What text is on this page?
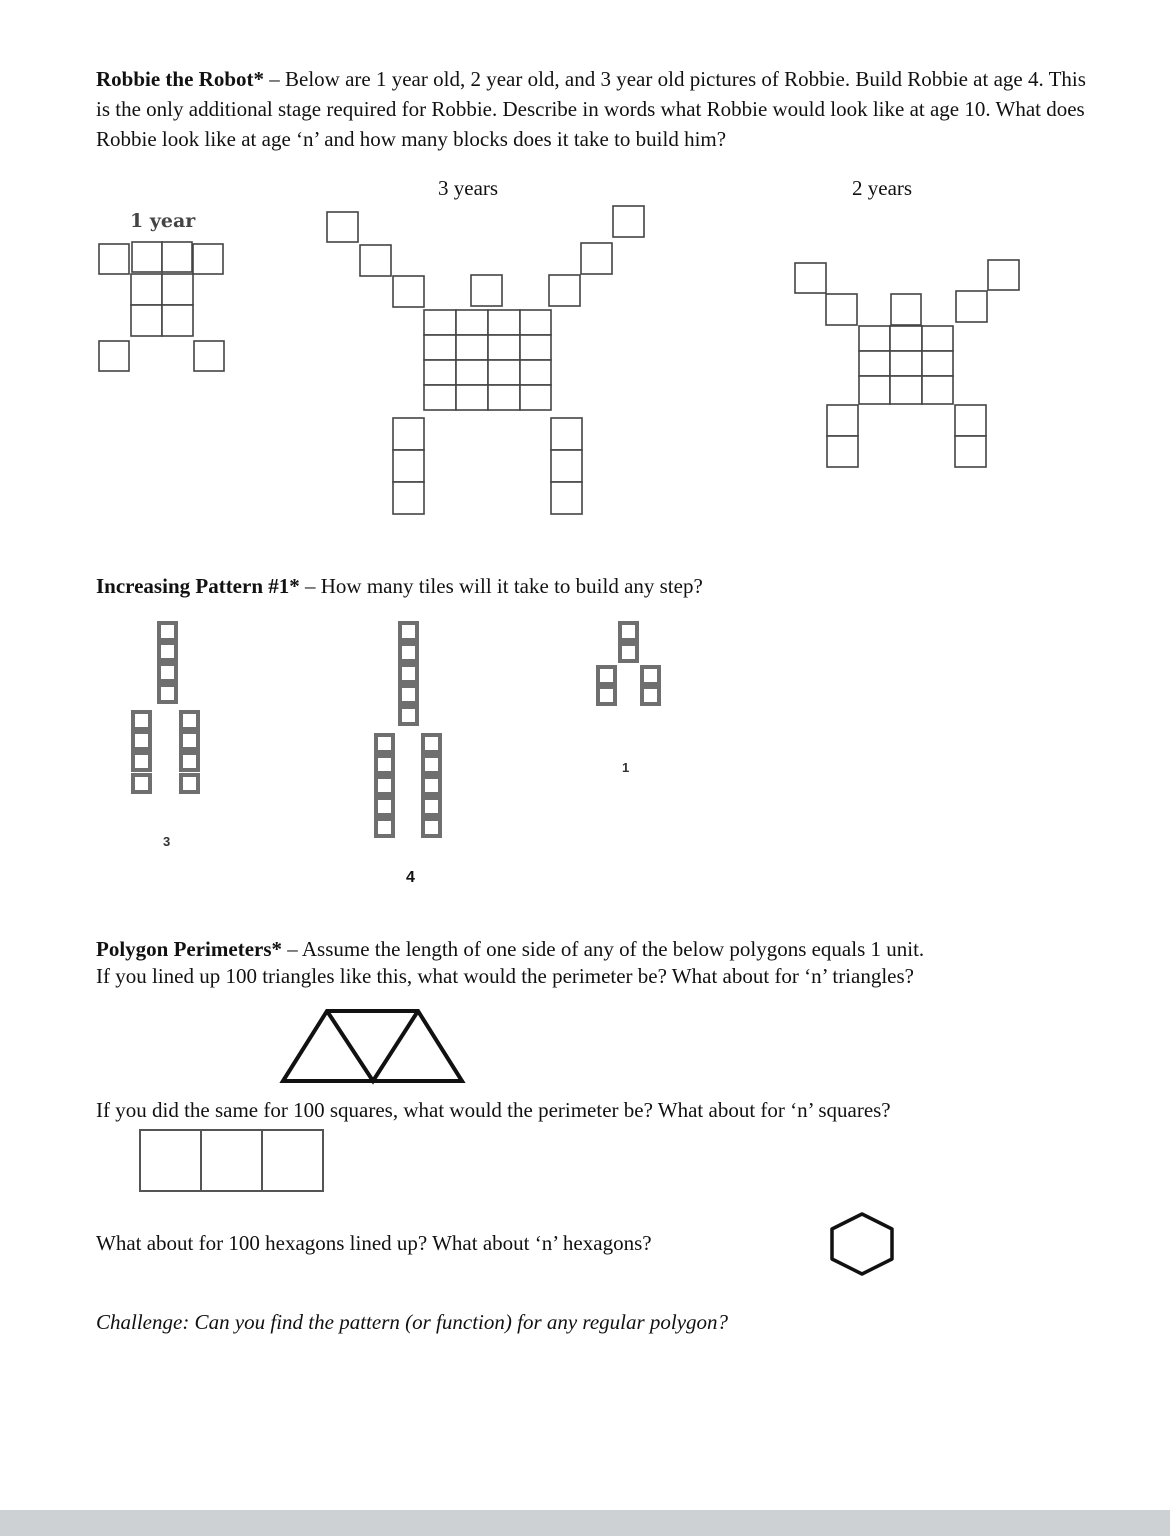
Robbie the Robot* – Below are 1 year old, 2 year old, and 3 year old pictures of Robbie. Build Robbie at age 4. This is the only additional stage required for Robbie. Describe in words what Robbie would look like at age 10. What does Robbie look like at age ‘n’ and how many blocks does it take to build him?

3 years	2 years
1 year

Increasing Pattern #1* – How many tiles will it take to build any step?

3
4
1

Polygon Perimeters* – Assume the length of one side of any of the below polygons equals 1 unit.
If you lined up 100 triangles like this, what would the perimeter be? What about for ‘n’ triangles?

If you did the same for 100 squares, what would the perimeter be? What about for ‘n’ squares?

What about for 100 hexagons lined up? What about ‘n’ hexagons?

Challenge: Can you find the pattern (or function) for any regular polygon?
